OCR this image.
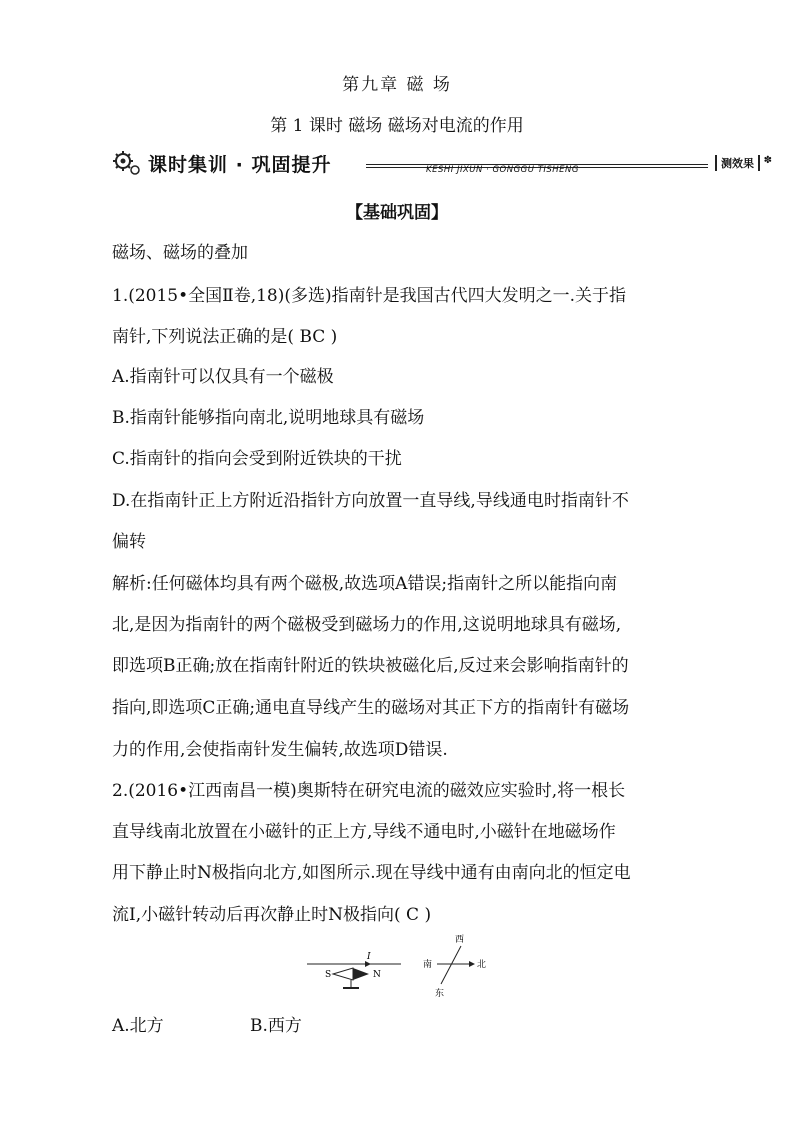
第九章 磁 场
第 1 课时 磁场 磁场对电流的作用
课时集训 · 巩固提升	KESHI JIXUN · GONGGU TISHENG	测效果 ✽
【基础巩固】
磁场、磁场的叠加
1.(2015•全国Ⅱ卷,18)(多选)指南针是我国古代四大发明之一.关于指
南针,下列说法正确的是( BC )
A.指南针可以仅具有一个磁极
B.指南针能够指向南北,说明地球具有磁场
C.指南针的指向会受到附近铁块的干扰
D.在指南针正上方附近沿指针方向放置一直导线,导线通电时指南针不
偏转
解析:任何磁体均具有两个磁极,故选项A错误;指南针之所以能指向南
北,是因为指南针的两个磁极受到磁场力的作用,这说明地球具有磁场,
即选项B正确;放在指南针附近的铁块被磁化后,反过来会影响指南针的
指向,即选项C正确;通电直导线产生的磁场对其正下方的指南针有磁场
力的作用,会使指南针发生偏转,故选项D错误.
2.(2016•江西南昌一模)奥斯特在研究电流的磁效应实验时,将一根长
直导线南北放置在小磁针的正上方,导线不通电时,小磁针在地磁场作
用下静止时N极指向北方,如图所示.现在导线中通有由南向北的恒定电
流I,小磁针转动后再次静止时N极指向( C )
I
S	N
西
南	北
东
A.北方	B.西方
